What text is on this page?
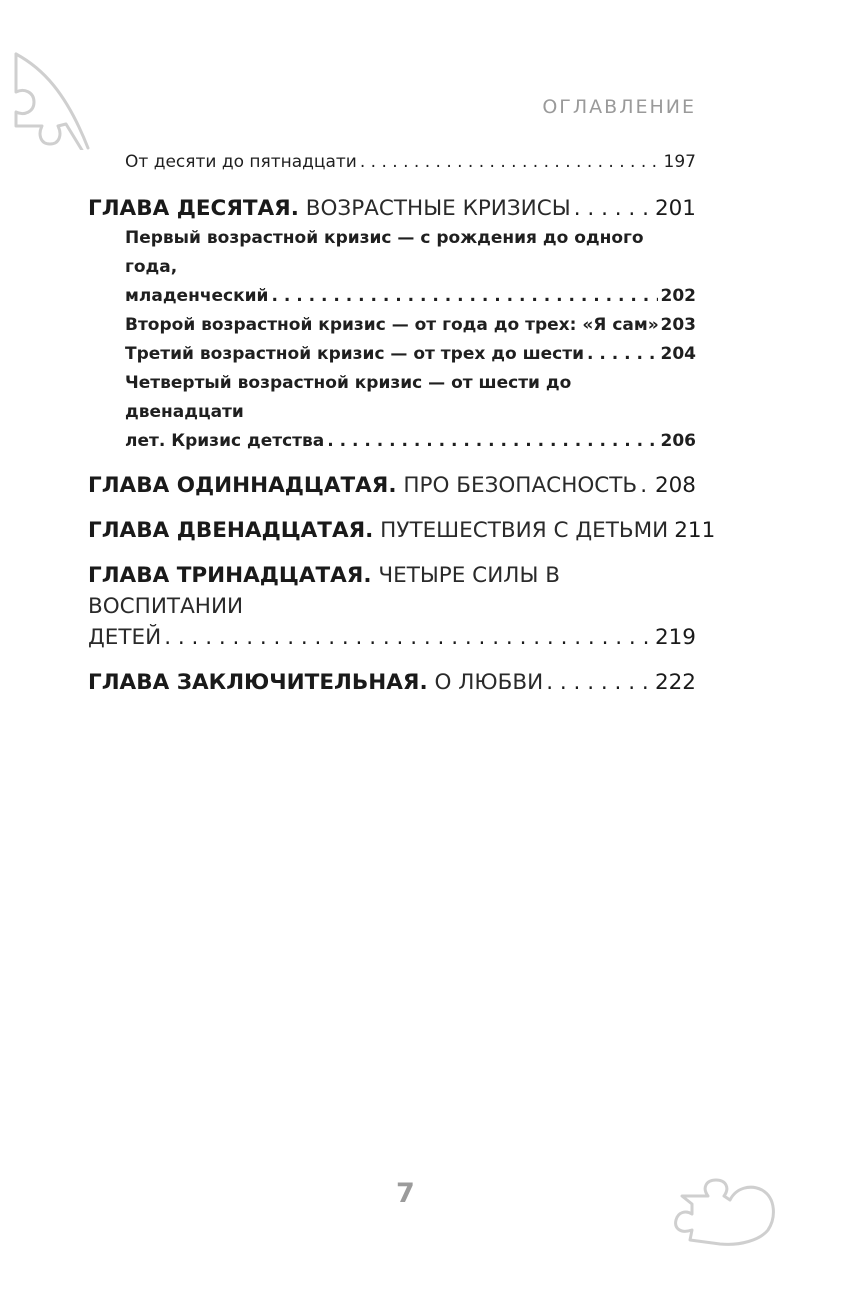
ОГЛАВЛЕНИЕ
От десяти до пятнадцати . . .	197
ГЛАВА ДЕСЯТАЯ. ВОЗРАСТНЫЕ КРИЗИСЫ . . .	201
Первый возрастной кризис — с рождения до одного года,
младенческий . . .	202
Второй возрастной кризис — от года до трех: «Я сам» 203
Третий возрастной кризис — от трех до шести . . .	204
Четвертый возрастной кризис — от шести до двенадцати
лет. Кризис детства . . .	206
ГЛАВА ОДИННАДЦАТАЯ. ПРО БЕЗОПАСНОСТЬ . . . 208
ГЛАВА ДВЕНАДЦАТАЯ. ПУТЕШЕСТВИЯ С ДЕТЬМИ 211
ГЛАВА ТРИНАДЦАТАЯ. ЧЕТЫРЕ СИЛЫ В ВОСПИТАНИИ
ДЕТЕЙ . . .	219
ГЛАВА ЗАКЛЮЧИТЕЛЬНАЯ. О ЛЮБВИ . . .	222
7
